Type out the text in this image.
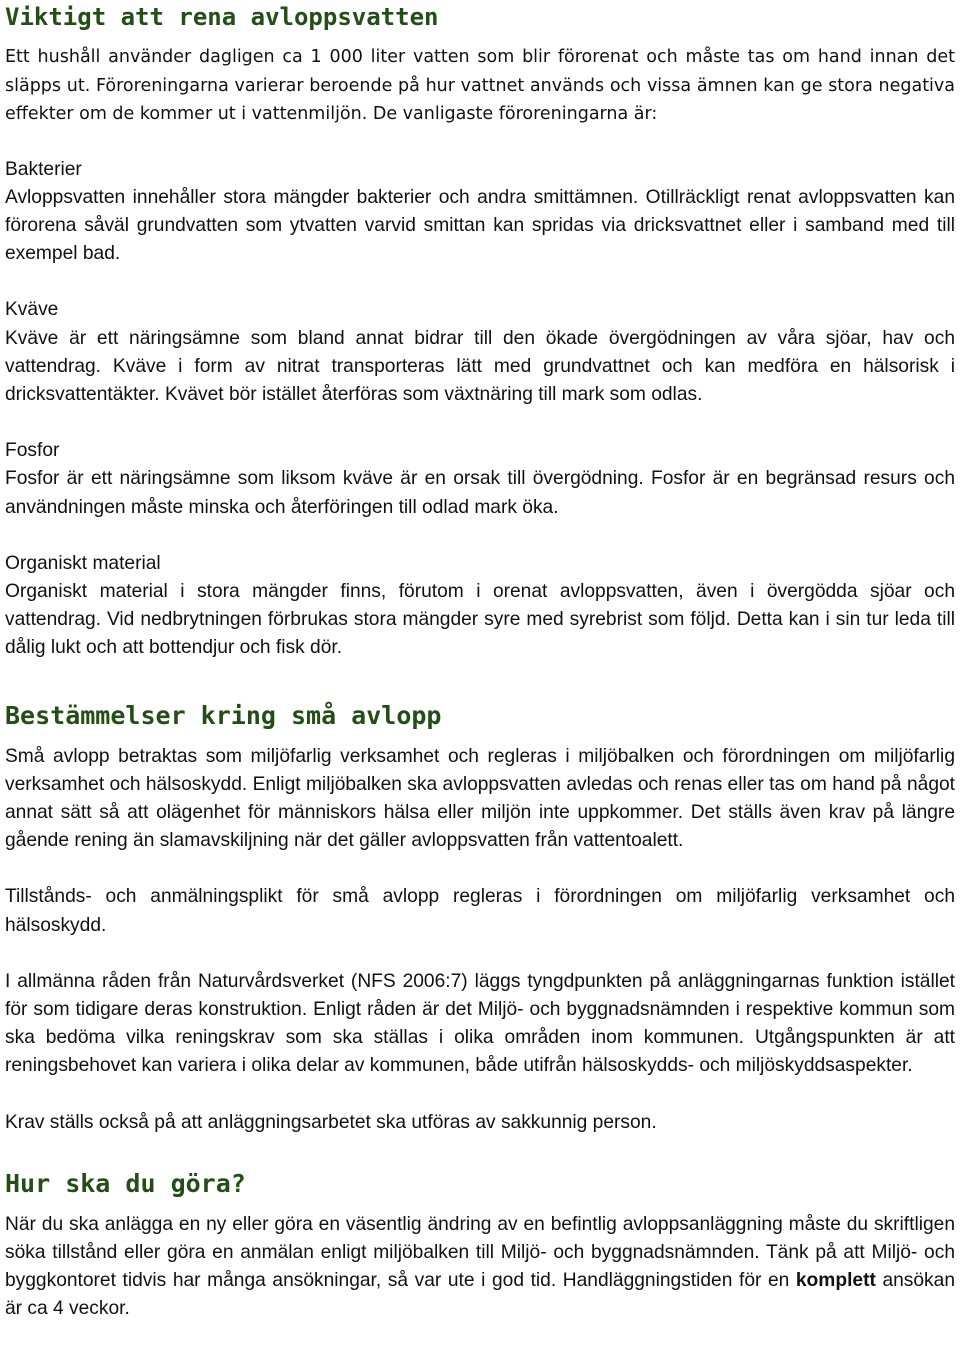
Viktigt att rena avloppsvatten

Ett hushåll använder dagligen ca 1 000 liter vatten som blir förorenat och måste tas om hand innan det släpps ut. Föroreningarna varierar beroende på hur vattnet används och vissa ämnen kan ge stora negativa effekter om de kommer ut i vattenmiljön. De vanligaste föroreningarna är:

Bakterier

Avloppsvatten innehåller stora mängder bakterier och andra smittämnen. Otillräckligt renat avloppsvatten kan förorena såväl grundvatten som ytvatten varvid smittan kan spridas via dricksvattnet eller i samband med till exempel bad.

Kväve

Kväve är ett näringsämne som bland annat bidrar till den ökade övergödningen av våra sjöar, hav och vattendrag. Kväve i form av nitrat transporteras lätt med grundvattnet och kan medföra en hälsorisk i dricksvattentäkter. Kvävet bör istället återföras som växtnäring till mark som odlas.

Fosfor

Fosfor är ett näringsämne som liksom kväve är en orsak till övergödning. Fosfor är en begränsad resurs och användningen måste minska och återföringen till odlad mark öka.

Organiskt material

Organiskt material i stora mängder finns, förutom i orenat avloppsvatten, även i övergödda sjöar och vattendrag. Vid nedbrytningen förbrukas stora mängder syre med syrebrist som följd. Detta kan i sin tur leda till dålig lukt och att bottendjur och fisk dör.

Bestämmelser kring små avlopp

Små avlopp betraktas som miljöfarlig verksamhet och regleras i miljöbalken och förordningen om miljöfarlig verksamhet och hälsoskydd. Enligt miljöbalken ska avloppsvatten avledas och renas eller tas om hand på något annat sätt så att olägenhet för människors hälsa eller miljön inte uppkommer. Det ställs även krav på längre gående rening än slamavskiljning när det gäller avloppsvatten från vattentoalett.

Tillstånds- och anmälningsplikt för små avlopp regleras i förordningen om miljöfarlig verksamhet och hälsoskydd.

I allmänna råden från Naturvårdsverket (NFS 2006:7) läggs tyngdpunkten på anläggningarnas funktion istället för som tidigare deras konstruktion. Enligt råden är det Miljö- och byggnadsnämnden i respektive kommun som ska bedöma vilka reningskrav som ska ställas i olika områden inom kommunen. Utgångspunkten är att reningsbehovet kan variera i olika delar av kommunen, både utifrån hälsoskydds- och miljöskyddsaspekter.

Krav ställs också på att anläggningsarbetet ska utföras av sakkunnig person.

Hur ska du göra?

När du ska anlägga en ny eller göra en väsentlig ändring av en befintlig avloppsanläggning måste du skriftligen söka tillstånd eller göra en anmälan enligt miljöbalken till Miljö- och byggnadsnämnden. Tänk på att Miljö- och byggkontoret tidvis har många ansökningar, så var ute i god tid. Handläggningstiden för en komplett ansökan är ca 4 veckor.
